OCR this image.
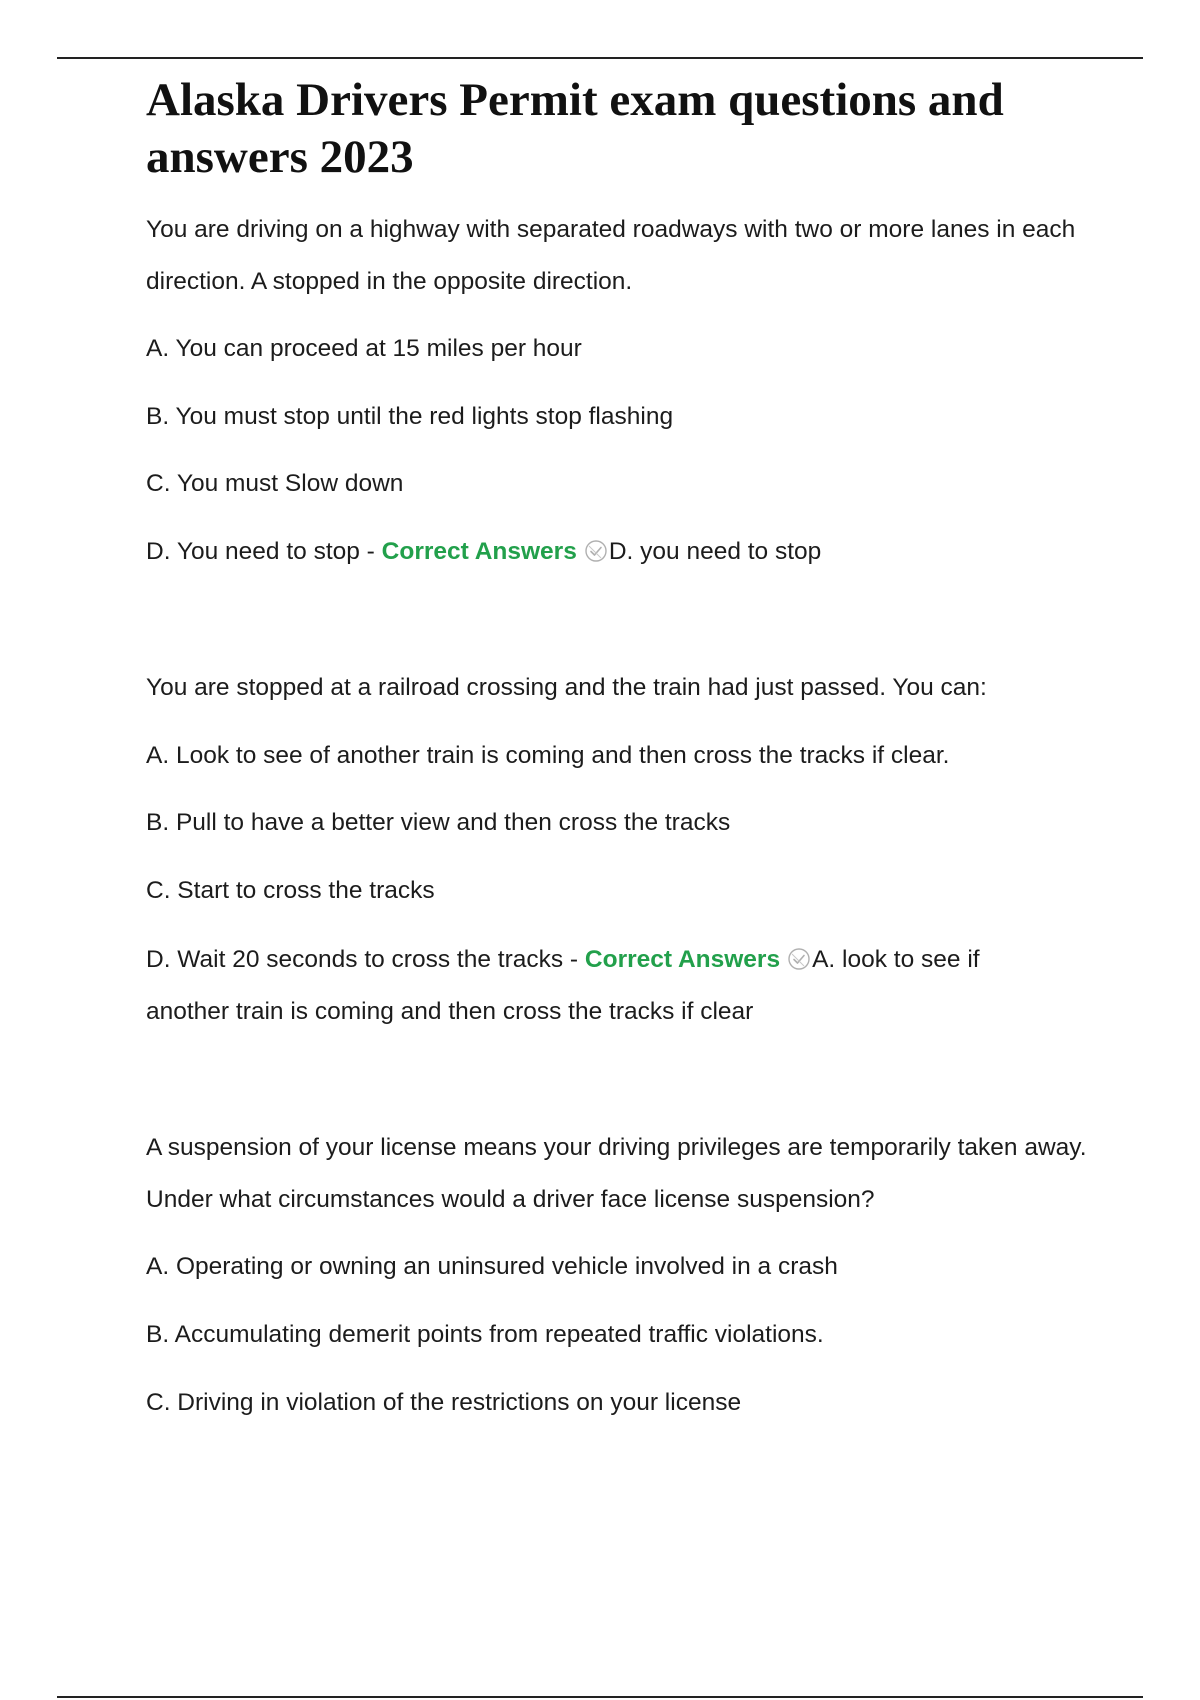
Alaska Drivers Permit exam questions and answers 2023

You are driving on a highway with separated roadways with two or more lanes in each direction. A stopped in the opposite direction.

A. You can proceed at 15 miles per hour

B. You must stop until the red lights stop flashing

C. You must Slow down

D. You need to stop - Correct Answers D. you need to stop

You are stopped at a railroad crossing and the train had just passed. You can:

A. Look to see of another train is coming and then cross the tracks if clear.

B. Pull to have a better view and then cross the tracks

C. Start to cross the tracks

D. Wait 20 seconds to cross the tracks - Correct Answers A. look to see if another train is coming and then cross the tracks if clear

A suspension of your license means your driving privileges are temporarily taken away. Under what circumstances would a driver face license suspension?

A. Operating or owning an uninsured vehicle involved in a crash

B. Accumulating demerit points from repeated traffic violations.

C. Driving in violation of the restrictions on your license
